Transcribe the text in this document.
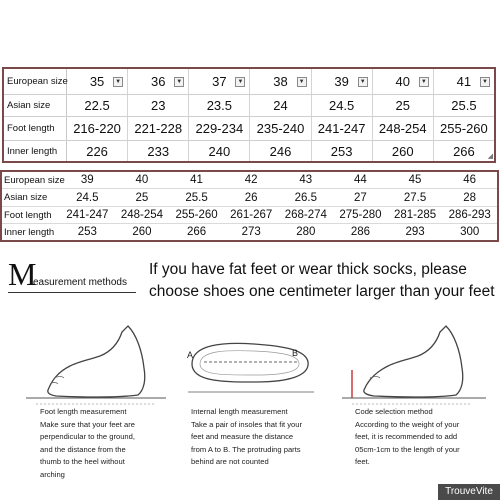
European size 35	▼ 36	▼ 37	▼ 38	▼ 39	▼ 40	▼ 41	▼
Asian size	22.5	23	23.5	24	24.5	25	25.5
Foot length	216-220	221-228	229-234	235-240	241-247	248-254	255-260
Inner length	226	233	240	246	253	260	266	◢
European size	39	40	41	42	43	44	45	46
Asian size	24.5	25	25.5	26	26.5	27	27.5	28
Foot length	241-247	248-254	255-260	261-267	268-274	275-280	281-285	286-293
Inner length	253	260	266	273	280	286	293	300
M
easurement methods
If you have fat feet or wear thick socks, please choose shoes one centimeter larger than your feet
A	B
Foot length measurement
Make sure that your feet are
perpendicular to the ground,
and the distance from the
thumb to the heel without
arching
Internal length measurement
Take a pair of insoles that fit your
feet and measure the distance
from A to B. The protruding parts
behind are not counted
Code selection method
According to the weight of your
feet, it is recommended to add
05cm-1cm to the length of your
feet.
TrouveVite
